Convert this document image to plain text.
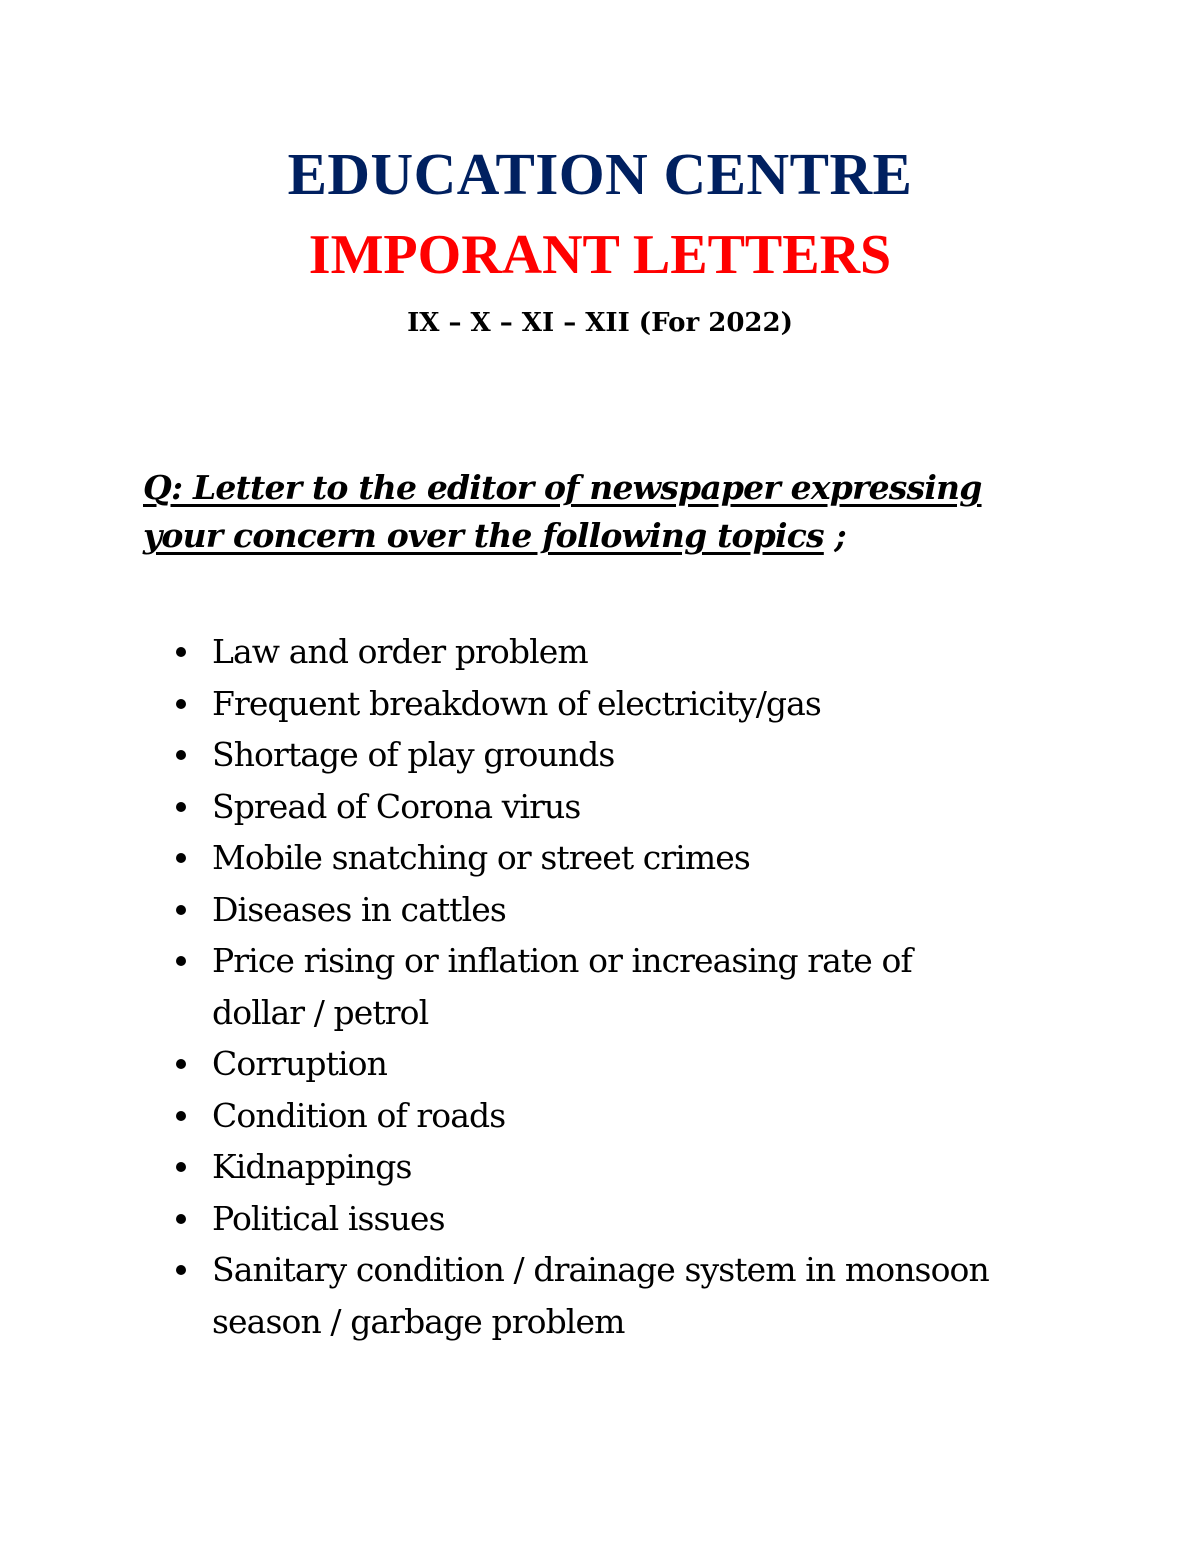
EDUCATION CENTRE
IMPORANT LETTERS
IX – X – XI – XII (For 2022)
Q: Letter to the editor of newspaper expressing your concern over the following topics ;
Law and order problem
Frequent breakdown of electricity/gas
Shortage of play grounds
Spread of Corona virus
Mobile snatching or street crimes
Diseases in cattles
Price rising or inflation or increasing rate of dollar / petrol
Corruption
Condition of roads
Kidnappings
Political issues
Sanitary condition / drainage system in monsoon season / garbage problem
